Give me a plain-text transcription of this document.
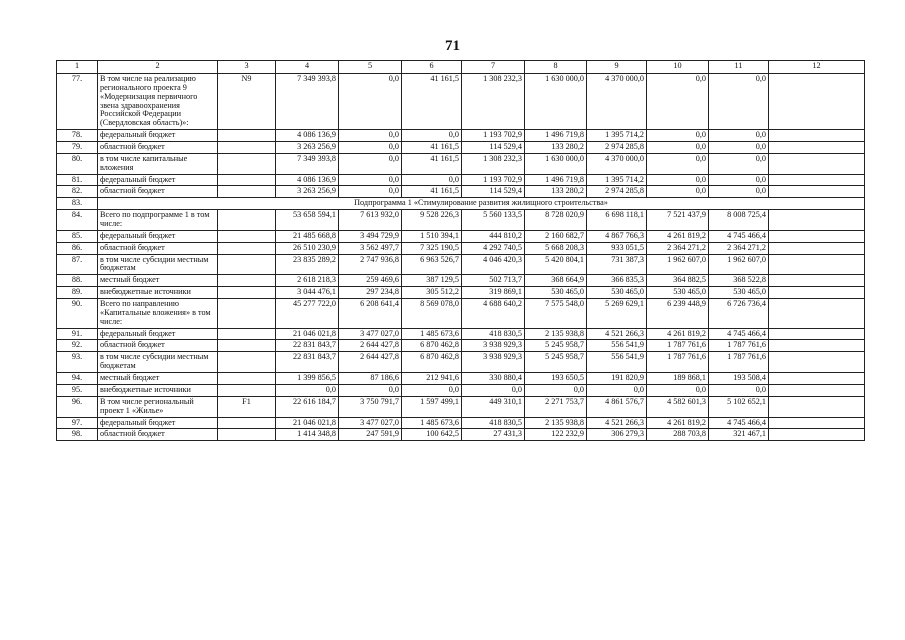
71
1	2	3	4	5	6	7	8	9	10	11	12
77.	В том числе на реализацию регионального проекта 9 «Модернизация первичного звена здравоохранения Российской Федерации (Свердловская область)»:	N9	7 349 393,8	0,0	41 161,5	1 308 232,3	1 630 000,0	4 370 000,0	0,0	0,0	
78.	федеральный бюджет		4 086 136,9	0,0	0,0	1 193 702,9	1 496 719,8	1 395 714,2	0,0	0,0	
79.	областной бюджет		3 263 256,9	0,0	41 161,5	114 529,4	133 280,2	2 974 285,8	0,0	0,0	
80.	в том числе капитальные вложения		7 349 393,8	0,0	41 161,5	1 308 232,3	1 630 000,0	4 370 000,0	0,0	0,0	
81.	федеральный бюджет		4 086 136,9	0,0	0,0	1 193 702,9	1 496 719,8	1 395 714,2	0,0	0,0	
82.	областной бюджет		3 263 256,9	0,0	41 161,5	114 529,4	133 280,2	2 974 285,8	0,0	0,0	
83.	Подпрограмма 1 «Стимулирование развития жилищного строительства»										
84.	Всего по подпрограмме 1 в том числе:		53 658 594,1	7 613 932,0	9 528 226,3	5 560 133,5	8 728 020,9	6 698 118,1	7 521 437,9	8 008 725,4	
85.	федеральный бюджет		21 485 668,8	3 494 729,9	1 510 394,1	444 810,2	2 160 682,7	4 867 766,3	4 261 819,2	4 745 466,4	
86.	областной бюджет		26 510 230,9	3 562 497,7	7 325 190,5	4 292 740,5	5 668 208,3	933 051,5	2 364 271,2	2 364 271,2	
87.	в том числе субсидии местным бюджетам		23 835 289,2	2 747 936,8	6 963 526,7	4 046 420,3	5 420 804,1	731 387,3	1 962 607,0	1 962 607,0	
88.	местный бюджет		2 618 218,3	259 469,6	387 129,5	502 713,7	368 664,9	366 835,3	364 882,5	368 522,8	
89.	внебюджетные источники		3 044 476,1	297 234,8	305 512,2	319 869,1	530 465,0	530 465,0	530 465,0	530 465,0	
90.	Всего по направлению «Капитальные вложения» в том числе:		45 277 722,0	6 208 641,4	8 569 078,0	4 688 640,2	7 575 548,0	5 269 629,1	6 239 448,9	6 726 736,4	
91.	федеральный бюджет		21 046 021,8	3 477 027,0	1 485 673,6	418 830,5	2 135 938,8	4 521 266,3	4 261 819,2	4 745 466,4	
92.	областной бюджет		22 831 843,7	2 644 427,8	6 870 462,8	3 938 929,3	5 245 958,7	556 541,9	1 787 761,6	1 787 761,6	
93.	в том числе субсидии местным бюджетам		22 831 843,7	2 644 427,8	6 870 462,8	3 938 929,3	5 245 958,7	556 541,9	1 787 761,6	1 787 761,6	
94.	местный бюджет		1 399 856,5	87 186,6	212 941,6	330 880,4	193 650,5	191 820,9	189 868,1	193 508,4	
95.	внебюджетные источники		0,0	0,0	0,0	0,0	0,0	0,0	0,0	0,0	
96.	В том числе региональный проект 1 «Жилье»	F1	22 616 184,7	3 750 791,7	1 597 499,1	449 310,1	2 271 753,7	4 861 576,7	4 582 601,3	5 102 652,1	
97.	федеральный бюджет		21 046 021,8	3 477 027,0	1 485 673,6	418 830,5	2 135 938,8	4 521 266,3	4 261 819,2	4 745 466,4	
98.	областной бюджет		1 414 348,8	247 591,9	100 642,5	27 431,3	122 232,9	306 279,3	288 703,8	321 467,1	
